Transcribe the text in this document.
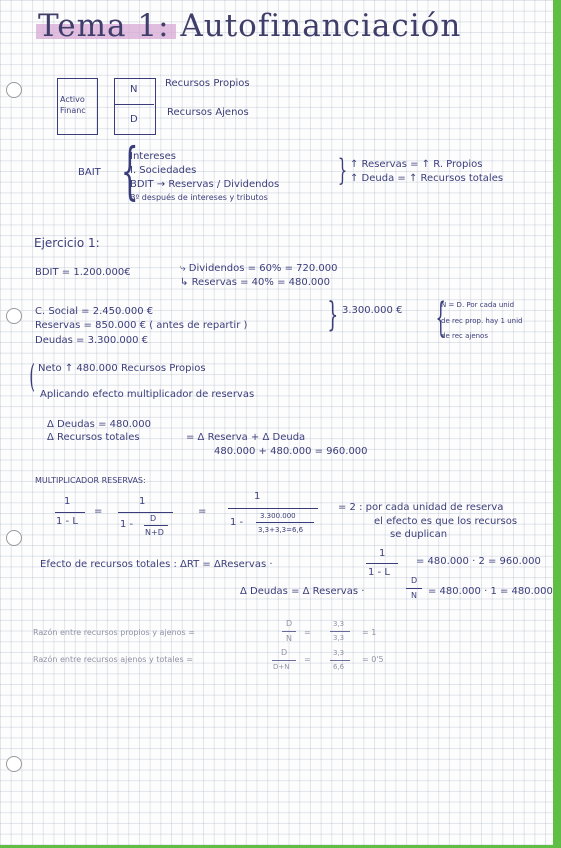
Tema 1: Autofinanciación
Activo
Financ
N
D
Recursos Propios
Recursos Ajenos
BAIT {
Intereses
I. Sociedades
BDIT → Reservas / Dividendos
Bº después de intereses y tributos
} ↑ Reservas = ↑ R. Propios
↑ Deuda = ↑ Recursos totales
Ejercicio 1:
BDIT = 1.200.000€	⤷ Dividendos = 60% = 720.000
↳ Reservas = 40% = 480.000
C. Social = 2.450.000 €
Reservas = 850.000 € ( antes de repartir )
Deudas = 3.300.000 €
} 3.300.000 € {
N = D. Por cada unid
de rec prop. hay 1 unid
de rec ajenos
( Neto ↑ 480.000 Recursos Propios
Aplicando efecto multiplicador de reservas
Δ Deudas = 480.000
Δ Recursos totales	= Δ Reserva + Δ Deuda
480.000 + 480.000 = 960.000
MULTIPLICADOR RESERVAS:
1
1 - L
=
1
1 -
D
N+D
=
1
1 -
3.300.000
3,3+3,3=6,6
= 2 : por cada unidad de reserva
el efecto es que los recursos
se duplican
Efecto de recursos totales : ΔRT = ΔReservas ·
1
1 - L
= 480.000 · 2 = 960.000
Δ Deudas = Δ Reservas ·
D
N = 480.000 · 1 = 480.000
Razón entre recursos propios y ajenos =
D
N
=
3,3
3,3
= 1
Razón entre recursos ajenos y totales =
D
D+N
=
3,3
6,6
= 0'5
